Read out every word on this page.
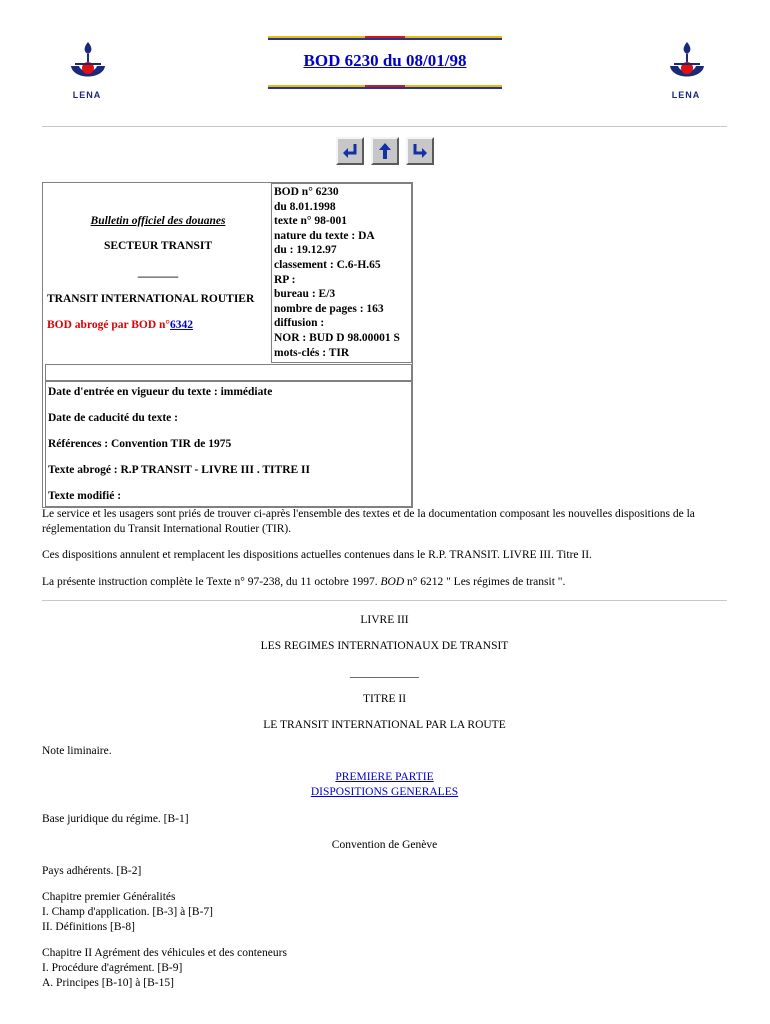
LENA	LENA
BOD 6230 du 08/01/98
Bulletin officiel des douanes
SECTEUR TRANSIT
_______
TRANSIT INTERNATIONAL ROUTIER
BOD abrogé par BOD n°6342
BOD n° 6230
du 8.01.1998
texte n° 98-001
nature du texte : DA
du : 19.12.97
classement : C.6-H.65
RP :
bureau : E/3
nombre de pages : 163
diffusion :
NOR : BUD D 98.00001 S
mots-clés : TIR
Date d'entrée en vigueur du texte : immédiate
Date de caducité du texte :
Références : Convention TIR de 1975
Texte abrogé : R.P TRANSIT - LIVRE III . TITRE II
Texte modifié :

Le service et les usagers sont priés de trouver ci-après l'ensemble des textes et de la documentation composant les nouvelles dispositions de la réglementation du Transit International Routier (TIR).

Ces dispositions annulent et remplacent les dispositions actuelles contenues dans le R.P. TRANSIT. LIVRE III. Titre II.

La présente instruction complète le Texte n° 97-238, du 11 octobre 1997. BOD n° 6212 " Les régimes de transit ".

LIVRE III
LES REGIMES INTERNATIONAUX DE TRANSIT
____________
TITRE II
LE TRANSIT INTERNATIONAL PAR LA ROUTE
Note liminaire.
PREMIERE PARTIE
DISPOSITIONS GENERALES
Base juridique du régime. [B-1]
Convention de Genève
Pays adhérents. [B-2]
Chapitre premier Généralités
I. Champ d'application. [B-3] à [B-7]
II. Définitions [B-8]
Chapitre II Agrément des véhicules et des conteneurs
I. Procédure d'agrément. [B-9]
A. Principes [B-10] à [B-15]
